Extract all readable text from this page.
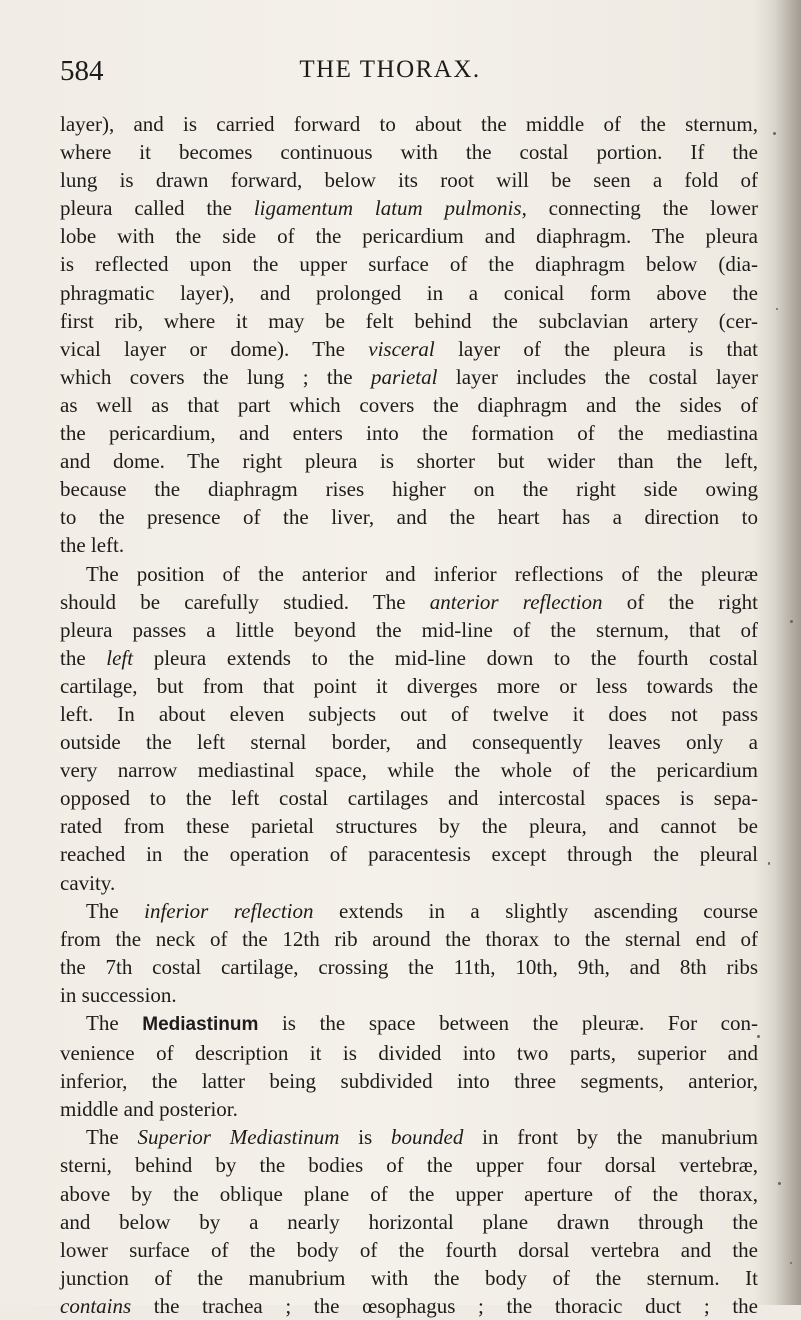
584	THE THORAX.
layer), and is carried forward to about the middle of the sternum,
where it becomes continuous with the costal portion. If the
lung is drawn forward, below its root will be seen a fold of
pleura called the ligamentum latum pulmonis, connecting the lower
lobe with the side of the pericardium and diaphragm. The pleura
is reflected upon the upper surface of the diaphragm below (dia-
phragmatic layer), and prolonged in a conical form above the
first rib, where it may be felt behind the subclavian artery (cer-
vical layer or dome). The visceral layer of the pleura is that
which covers the lung ; the parietal layer includes the costal layer
as well as that part which covers the diaphragm and the sides of
the pericardium, and enters into the formation of the mediastina
and dome. The right pleura is shorter but wider than the left,
because the diaphragm rises higher on the right side owing
to the presence of the liver, and the heart has a direction to
the left.
The position of the anterior and inferior reflections of the pleuræ
should be carefully studied. The anterior reflection of the right
pleura passes a little beyond the mid-line of the sternum, that of
the left pleura extends to the mid-line down to the fourth costal
cartilage, but from that point it diverges more or less towards the
left. In about eleven subjects out of twelve it does not pass
outside the left sternal border, and consequently leaves only a
very narrow mediastinal space, while the whole of the pericardium
opposed to the left costal cartilages and intercostal spaces is sepa-
rated from these parietal structures by the pleura, and cannot be
reached in the operation of paracentesis except through the pleural
cavity.
The inferior reflection extends in a slightly ascending course
from the neck of the 12th rib around the thorax to the sternal end of
the 7th costal cartilage, crossing the 11th, 10th, 9th, and 8th ribs
in succession.
The Mediastinum is the space between the pleuræ. For con-
venience of description it is divided into two parts, superior and
inferior, the latter being subdivided into three segments, anterior,
middle and posterior.
The Superior Mediastinum is bounded in front by the manubrium
sterni, behind by the bodies of the upper four dorsal vertebræ,
above by the oblique plane of the upper aperture of the thorax,
and below by a nearly horizontal plane drawn through the
lower surface of the body of the fourth dorsal vertebra and the
junction of the manubrium with the body of the sternum. It
contains the trachea ; the œsophagus ; the thoracic duct ; the
